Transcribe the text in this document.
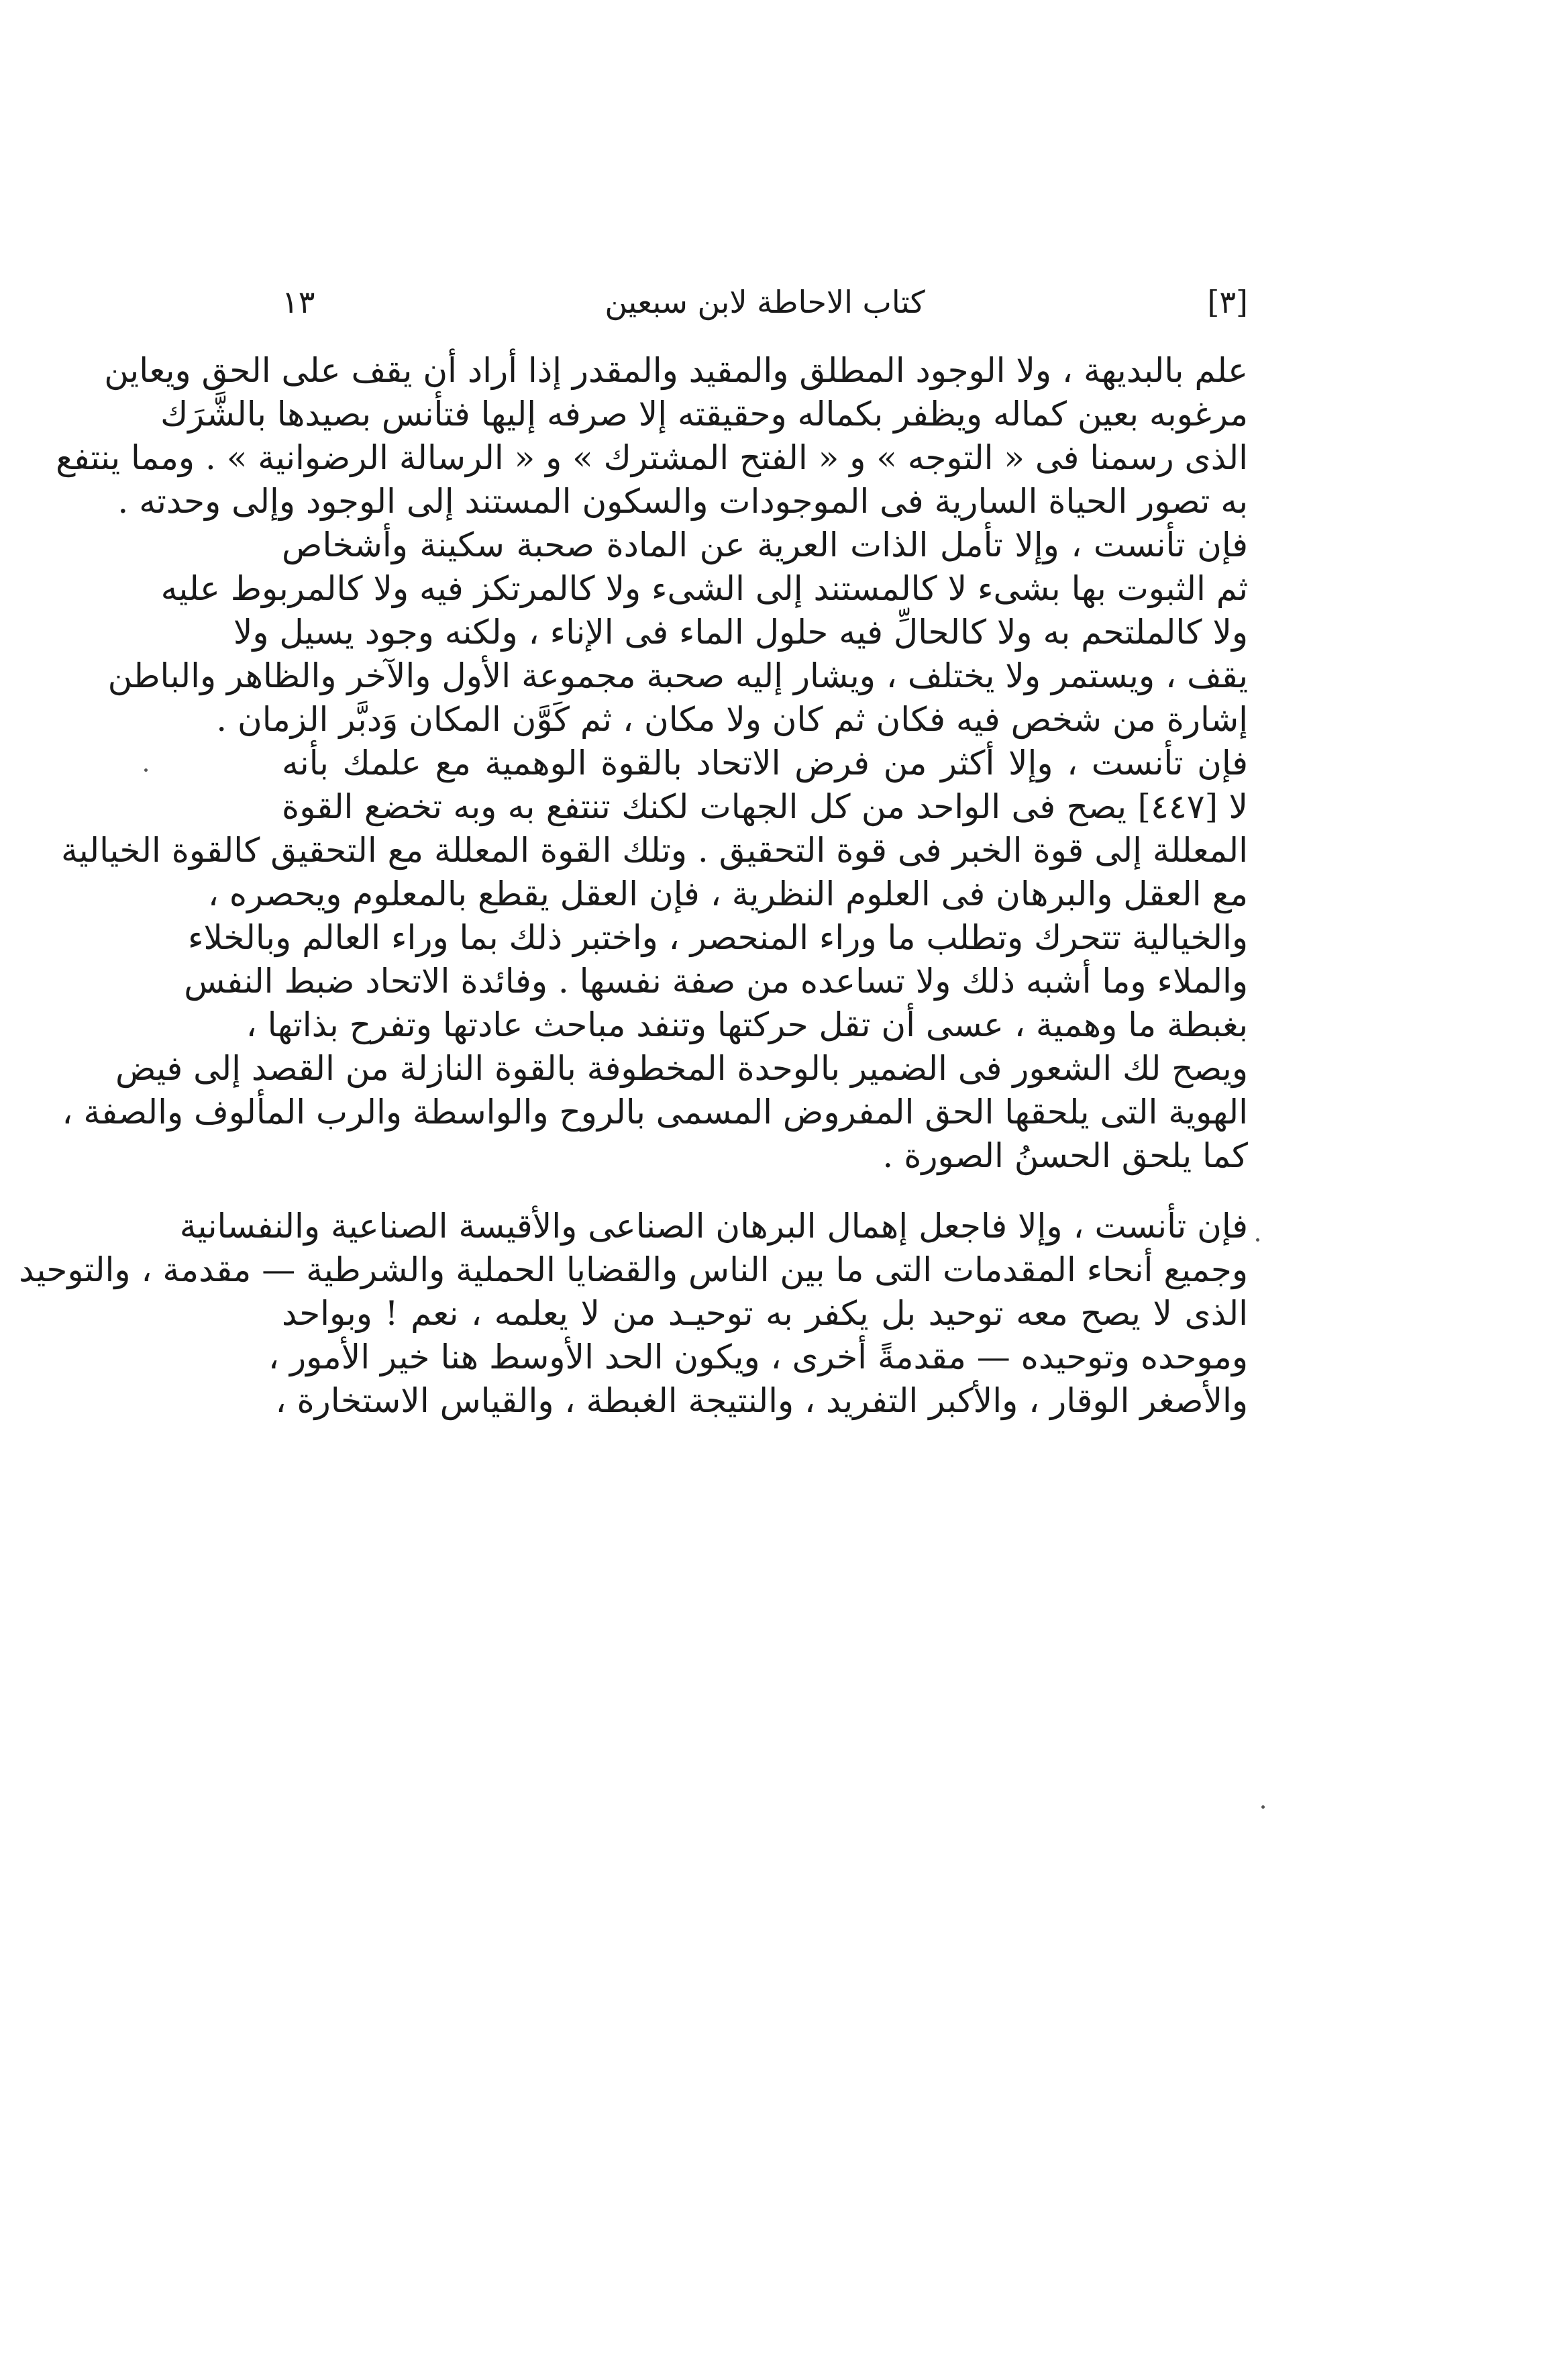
[٣]
كتاب الاحاطة لابن سبعين
١٣
علم بالبديهة ، ولا الوجود المطلق والمقيد والمقدر إذا أراد أن يقف على الحق ويعاين
مرغوبه بعين كماله ويظفر بكماله وحقيقته إلا صرفه إليها فتأنس بصيدها بالشَّرَك
الذى رسمنا فى « التوجه » و « الفتح المشترك » و « الرسالة الرضوانية » . ومما ينتفع
به تصور الحياة السارية فى الموجودات والسكون المستند إلى الوجود وإلى وحدته .
فإن تأنست ، وإلا تأمل الذات العرية عن المادة صحبة سكينة وأشخاص
ثم الثبوت بها بشىء لا كالمستند إلى الشىء ولا كالمرتكز فيه ولا كالمربوط عليه
ولا كالملتحم به ولا كالحالِّ فيه حلول الماء فى الإناء ، ولكنه وجود يسيل ولا
يقف ، ويستمر ولا يختلف ، ويشار إليه صحبة مجموعة الأول والآخر والظاهر والباطن
إشارة من شخص فيه فكان ثم كان ولا مكان ، ثم كَوَّن المكان وَدبَّر الزمان .
فإن تأنست ، وإلا أكثر من فرض الاتحاد بالقوة الوهمية مع علمك بأنه
لا [٤٤٧] يصح فى الواحد من كل الجهات لكنك تنتفع به وبه تخضع القوة
المعللة إلى قوة الخبر فى قوة التحقيق . وتلك القوة المعللة مع التحقيق كالقوة الخيالية
مع العقل والبرهان فى العلوم النظرية ، فإن العقل يقطع بالمعلوم ويحصره ،
والخيالية تتحرك وتطلب ما وراء المنحصر ، واختبر ذلك بما وراء العالم وبالخلاء
والملاء وما أشبه ذلك ولا تساعده من صفة نفسها . وفائدة الاتحاد ضبط النفس
بغبطة ما وهمية ، عسى أن تقل حركتها وتنفد مباحث عادتها وتفرح بذاتها ،
ويصح لك الشعور فى الضمير بالوحدة المخطوفة بالقوة النازلة من القصد إلى فيض
الهوية التى يلحقها الحق المفروض المسمى بالروح والواسطة والرب المألوف والصفة ،
كما يلحق الحسنُ الصورة .
فإن تأنست ، وإلا فاجعل إهمال البرهان الصناعى والأقيسة الصناعية والنفسانية
وجميع أنحاء المقدمات التى ما بين الناس والقضايا الحملية والشرطية — مقدمة ، والتوحيد
الذى لا يصح معه توحيد بل يكفر به توحيـد من لا يعلمه ، نعم ! وبواحد
وموحده وتوحيده — مقدمةً أخرى ، ويكون الحد الأوسط هنا خير الأمور ،
والأصغر الوقار ، والأكبر التفريد ، والنتيجة الغبطة ، والقياس الاستخارة ،
